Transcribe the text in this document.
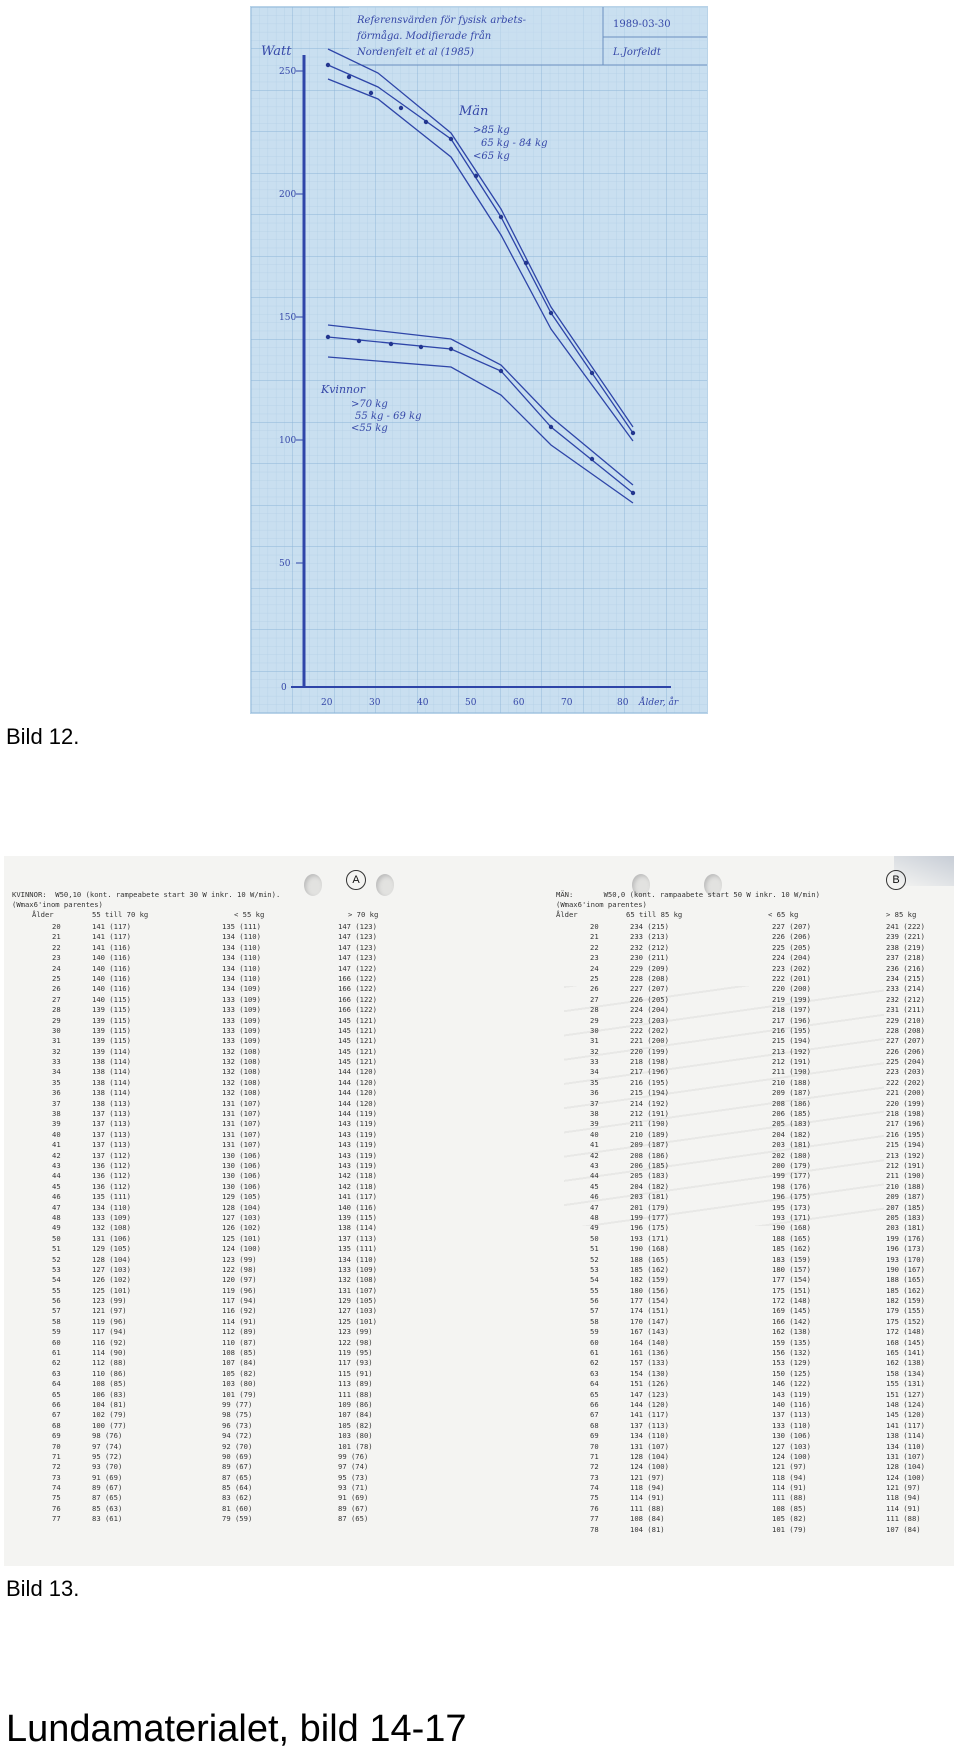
Referensvärden för fysisk arbets-
förmåga. Modifierade från
Nordenfelt et al (1985)
1989-03-30
L.Jorfeldt
Watt
250
200
150
100
50
0
20	30	40	50	60	70	80 Ålder, år
Män
>85 kg
65 kg - 84 kg
<65 kg
Kvinnor
>70 kg
55 kg - 69 kg
<55 kg
Bild 12.
A
KVINNOR:  W50,10 (kont. rampeabete start 30 W inkr. 10 W/min).
(Wmax6'inom parentes)
Ålder	55 till 70 kg	< 55 kg	> 70 kg
20	141 (117)	135 (111)	147 (123)
21	141 (117)	134 (110)	147 (123)
22	141 (116)	134 (110)	147 (123)
23	140 (116)	134 (110)	147 (123)
24	140 (116)	134 (110)	147 (122)
25	140 (116)	134 (110)	166 (122)
26	140 (116)	134 (109)	166 (122)
27	140 (115)	133 (109)	166 (122)
28	139 (115)	133 (109)	166 (122)
29	139 (115)	133 (109)	145 (121)
30	139 (115)	133 (109)	145 (121)
31	139 (115)	133 (109)	145 (121)
32	139 (114)	132 (108)	145 (121)
33	138 (114)	132 (108)	145 (121)
34	138 (114)	132 (108)	144 (120)
35	138 (114)	132 (108)	144 (120)
36	138 (114)	132 (108)	144 (120)
37	138 (113)	131 (107)	144 (120)
38	137 (113)	131 (107)	144 (119)
39	137 (113)	131 (107)	143 (119)
40	137 (113)	131 (107)	143 (119)
41	137 (113)	131 (107)	143 (119)
42	137 (112)	130 (106)	143 (119)
43	136 (112)	130 (106)	143 (119)
44	136 (112)	130 (106)	142 (118)
45	136 (112)	130 (106)	142 (118)
46	135 (111)	129 (105)	141 (117)
47	134 (110)	128 (104)	140 (116)
48	133 (109)	127 (103)	139 (115)
49	132 (108)	126 (102)	138 (114)
50	131 (106)	125 (101)	137 (113)
51	129 (105)	124 (100)	135 (111)
52	128 (104)	123 (99)	134 (110)
53	127 (103)	122 (98)	133 (109)
54	126 (102)	120 (97)	132 (108)
55	125 (101)	119 (96)	131 (107)
56	123 (99)	117 (94)	129 (105)
57	121 (97)	116 (92)	127 (103)
58	119 (96)	114 (91)	125 (101)
59	117 (94)	112 (89)	123 (99)
60	116 (92)	110 (87)	122 (98)
61	114 (90)	108 (85)	119 (95)
62	112 (88)	107 (84)	117 (93)
63	110 (86)	105 (82)	115 (91)
64	108 (85)	103 (80)	113 (89)
65	106 (83)	101 (79)	111 (88)
66	104 (81)	99 (77)	109 (86)
67	102 (79)	98 (75)	107 (84)
68	100 (77)	96 (73)	105 (82)
69	98 (76)	94 (72)	103 (80)
70	97 (74)	92 (70)	101 (78)
71	95 (72)	90 (69)	99 (76)
72	93 (70)	89 (67)	97 (74)
73	91 (69)	87 (65)	95 (73)
74	89 (67)	85 (64)	93 (71)
75	87 (65)	83 (62)	91 (69)
76	85 (63)	81 (60)	89 (67)
77	83 (61)	79 (59)	87 (65)
B
MÄN:       W50,0 (kont. rampaabete start 50 W inkr. 10 W/min)
(Wmax6'inom parentes)
Ålder	65 till 85 kg	< 65 kg	> 85 kg
20	234 (215)	227 (207)	241 (222)
21	233 (213)	226 (206)	239 (221)
22	232 (212)	225 (205)	238 (219)
23	230 (211)	224 (204)	237 (218)
24	229 (209)	223 (202)	236 (216)
25	228 (208)	222 (201)	234 (215)
26	227 (207)	220 (200)	233 (214)
27	226 (205)	219 (199)	232 (212)
28	224 (204)	218 (197)	231 (211)
29	223 (203)	217 (196)	229 (210)
30	222 (202)	216 (195)	228 (208)
31	221 (200)	215 (194)	227 (207)
32	220 (199)	213 (192)	226 (206)
33	218 (198)	212 (191)	225 (204)
34	217 (196)	211 (190)	223 (203)
35	216 (195)	210 (188)	222 (202)
36	215 (194)	209 (187)	221 (200)
37	214 (192)	208 (186)	220 (199)
38	212 (191)	206 (185)	218 (198)
39	211 (190)	205 (183)	217 (196)
40	210 (189)	204 (182)	216 (195)
41	209 (187)	203 (181)	215 (194)
42	208 (186)	202 (180)	213 (192)
43	206 (185)	200 (179)	212 (191)
44	205 (183)	199 (177)	211 (190)
45	204 (182)	198 (176)	210 (188)
46	203 (181)	196 (175)	209 (187)
47	201 (179)	195 (173)	207 (185)
48	199 (177)	193 (171)	205 (183)
49	196 (175)	190 (168)	203 (181)
50	193 (171)	188 (165)	199 (176)
51	190 (168)	185 (162)	196 (173)
52	188 (165)	183 (159)	193 (170)
53	185 (162)	180 (157)	190 (167)
54	182 (159)	177 (154)	188 (165)
55	180 (156)	175 (151)	185 (162)
56	177 (154)	172 (148)	182 (159)
57	174 (151)	169 (145)	179 (155)
58	170 (147)	166 (142)	175 (152)
59	167 (143)	162 (138)	172 (148)
60	164 (140)	159 (135)	168 (145)
61	161 (136)	156 (132)	165 (141)
62	157 (133)	153 (129)	162 (138)
63	154 (130)	150 (125)	158 (134)
64	151 (126)	146 (122)	155 (131)
65	147 (123)	143 (119)	151 (127)
66	144 (120)	140 (116)	148 (124)
67	141 (117)	137 (113)	145 (120)
68	137 (113)	133 (110)	141 (117)
69	134 (110)	130 (106)	138 (114)
70	131 (107)	127 (103)	134 (110)
71	128 (104)	124 (100)	131 (107)
72	124 (100)	121 (97)	128 (104)
73	121 (97)	118 (94)	124 (100)
74	118 (94)	114 (91)	121 (97)
75	114 (91)	111 (88)	118 (94)
76	111 (88)	108 (85)	114 (91)
77	108 (84)	105 (82)	111 (88)
78	104 (81)	101 (79)	107 (84)
Bild 13.
Lundamaterialet, bild 14-17
